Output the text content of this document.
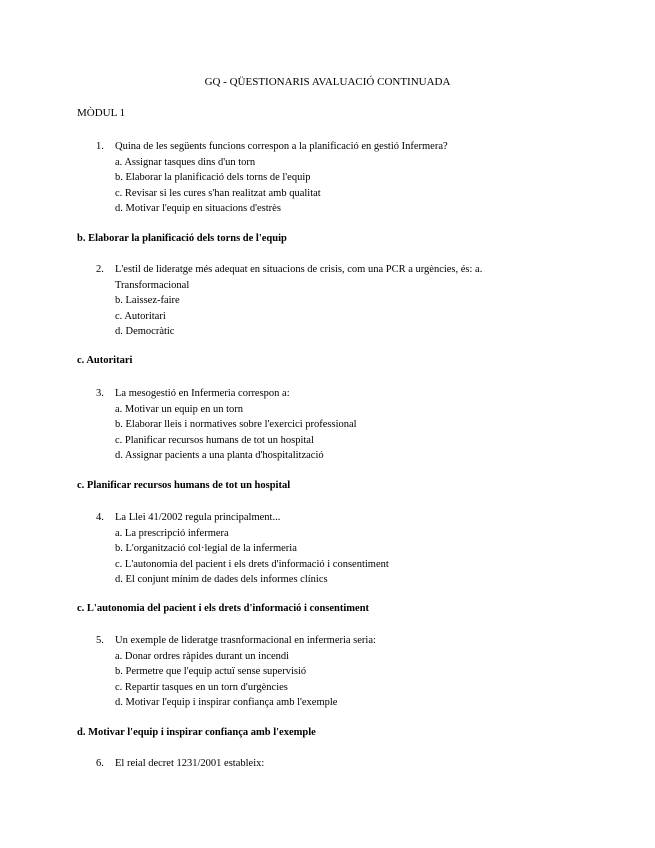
GQ - QÜESTIONARIS AVALUACIÓ CONTINUADA
MÒDUL 1
1.	Quina de les següents funcions correspon a la planificació en gestió Infermera?
a. Assignar tasques dins d'un torn
b. Elaborar la planificació dels torns de l'equip
c. Revisar si les cures s'han realitzat amb qualitat
d. Motivar l'equip en situacions d'estrès
b. Elaborar la planificació dels torns de l'equip
2.	L'estil de lideratge més adequat en situacions de crisis, com una PCR a urgències, és: a. Transformacional
b. Laissez-faire
c. Autoritari
d. Democràtic
c. Autoritari
3.	La mesogestió en Infermeria correspon a:
a. Motivar un equip en un torn
b. Elaborar lleis i normatives sobre l'exercici professional
c. Planificar recursos humans de tot un hospital
d. Assignar pacients a una planta d'hospitalització
c. Planificar recursos humans de tot un hospital
4.	La Llei 41/2002 regula principalment...
a. La prescripció infermera
b. L'organització col·legial de la infermeria
c. L'autonomia del pacient i els drets d'informació i consentiment
d. El conjunt mínim de dades dels informes clínics
c. L'autonomia del pacient i els drets d'informació i consentiment
5.	Un exemple de lideratge trasnformacional en infermeria seria:
a. Donar ordres ràpides durant un incendi
b. Permetre que l'equip actuï sense supervisió
c. Repartir tasques en un torn d'urgències
d. Motivar l'equip i inspirar confiança amb l'exemple
d. Motivar l'equip i inspirar confiança amb l'exemple
6.	El reial decret 1231/2001 estableix:
